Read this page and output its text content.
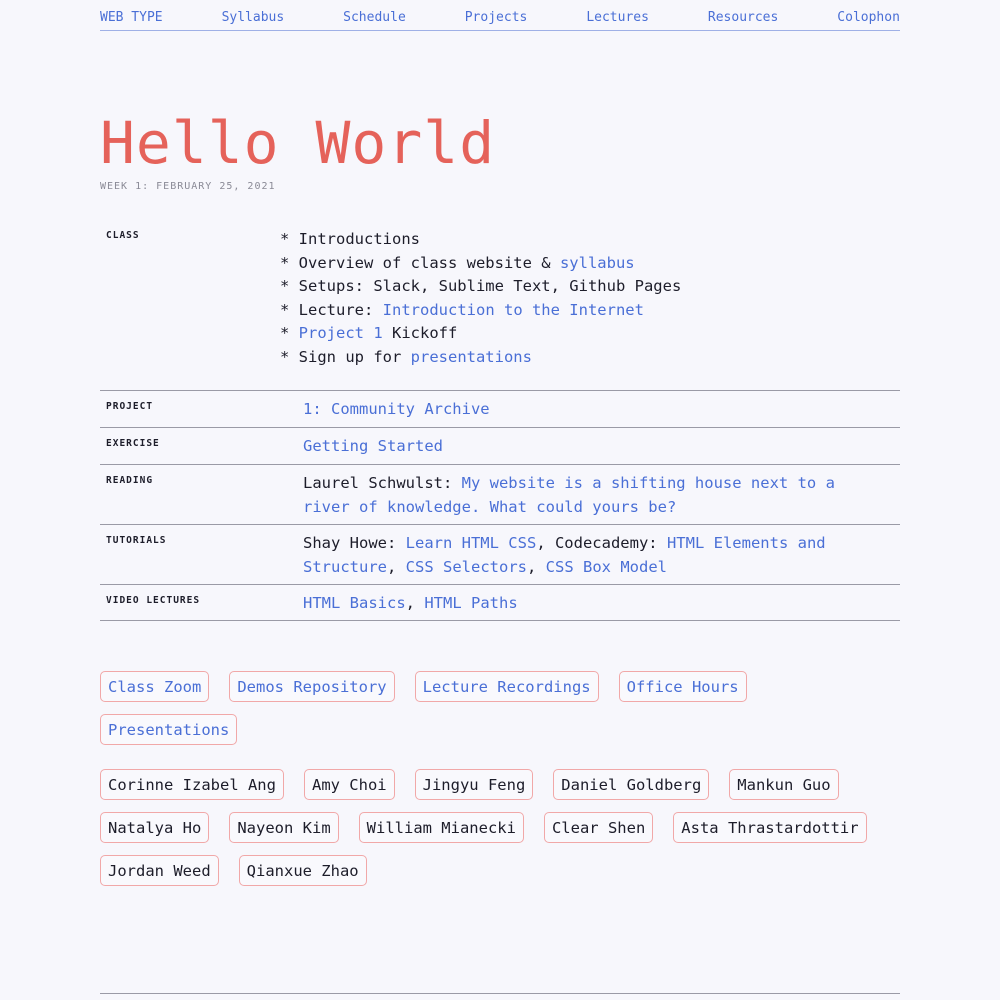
WEB TYPE	Syllabus	Schedule	Projects	Lectures	Resources	Colophon
Hello World
WEEK 1: FEBRUARY 25, 2021
CLASS
*	Introductions
* Overview of class website & syllabus
* Setups: Slack, Sublime Text, Github Pages
* Lecture: Introduction to the Internet
* Project 1 Kickoff
* Sign up for presentations
PROJECT	1: Community Archive
EXERCISE	Getting Started
READING	Laurel Schwulst: My website is a shifting house next to a river of knowledge. What could yours be?
TUTORIALS	Shay Howe: Learn HTML CSS, Codecademy: HTML Elements and Structure, CSS Selectors, CSS Box Model
VIDEO LECTURES	HTML Basics, HTML Paths
Class Zoom	Demos Repository	Lecture Recordings	Office Hours
Presentations
Corinne Izabel Ang	Amy Choi	Jingyu Feng	Daniel Goldberg	Mankun Guo
Natalya Ho	Nayeon Kim	William Mianecki	Clear Shen	Asta Thrastardottir
Jordan Weed	Qianxue Zhao
